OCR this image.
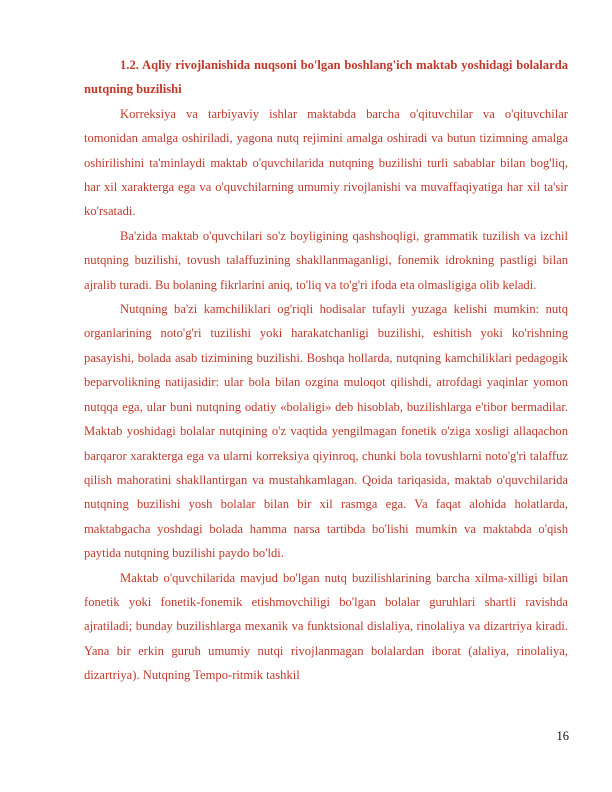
1.2. Aqliy rivojlanishida nuqsoni bo'lgan boshlang'ich maktab yoshidagi bolalarda nutqning buzilishi

Korreksiya va tarbiyaviy ishlar maktabda barcha o'qituvchilar va o'qituvchilar tomonidan amalga oshiriladi, yagona nutq rejimini amalga oshiradi va butun tizimning amalga oshirilishini ta'minlaydi maktab o'quvchilarida nutqning buzilishi turli sabablar bilan bog'liq, har xil xarakterga ega va o'quvchilarning umumiy rivojlanishi va muvaffaqiyatiga har xil ta'sir ko'rsatadi.

Ba'zida maktab o'quvchilari so'z boyligining qashshoqligi, grammatik tuzilish va izchil nutqning buzilishi, tovush talaffuzining shakllanmaganligi, fonemik idrokning pastligi bilan ajralib turadi. Bu bolaning fikrlarini aniq, to'liq va to'g'ri ifoda eta olmasligiga olib keladi.

Nutqning ba'zi kamchiliklari og'riqli hodisalar tufayli yuzaga kelishi mumkin: nutq organlarining noto'g'ri tuzilishi yoki harakatchanligi buzilishi, eshitish yoki ko'rishning pasayishi, bolada asab tizimining buzilishi. Boshqa hollarda, nutqning kamchiliklari pedagogik beparvolikning natijasidir: ular bola bilan ozgina muloqot qilishdi, atrofdagi yaqinlar yomon nutqqa ega, ular buni nutqning odatiy «bolaligi» deb hisoblab, buzilishlarga e'tibor bermadilar. Maktab yoshidagi bolalar nutqining o'z vaqtida yengilmagan fonetik o'ziga xosligi allaqachon barqaror xarakterga ega va ularni korreksiya qiyinroq, chunki bola tovushlarni noto'g'ri talaffuz qilish mahoratini shakllantirgan va mustahkamlagan. Qoida tariqasida, maktab o'quvchilarida nutqning buzilishi yosh bolalar bilan bir xil rasmga ega. Va faqat alohida holatlarda, maktabgacha yoshdagi bolada hamma narsa tartibda bo'lishi mumkin va maktabda o'qish paytida nutqning buzilishi paydo bo'ldi.

Maktab o'quvchilarida mavjud bo'lgan nutq buzilishlarining barcha xilma-xilligi bilan fonetik yoki fonetik-fonemik etishmovchiligi bo'lgan bolalar guruhlari shartli ravishda ajratiladi; bunday buzilishlarga mexanik va funktsional dislaliya, rinolaliya va dizartriya kiradi. Yana bir erkin guruh umumiy nutqi rivojlanmagan bolalardan iborat (alaliya, rinolaliya, dizartriya). Nutqning Tempo-ritmik tashkil

16
